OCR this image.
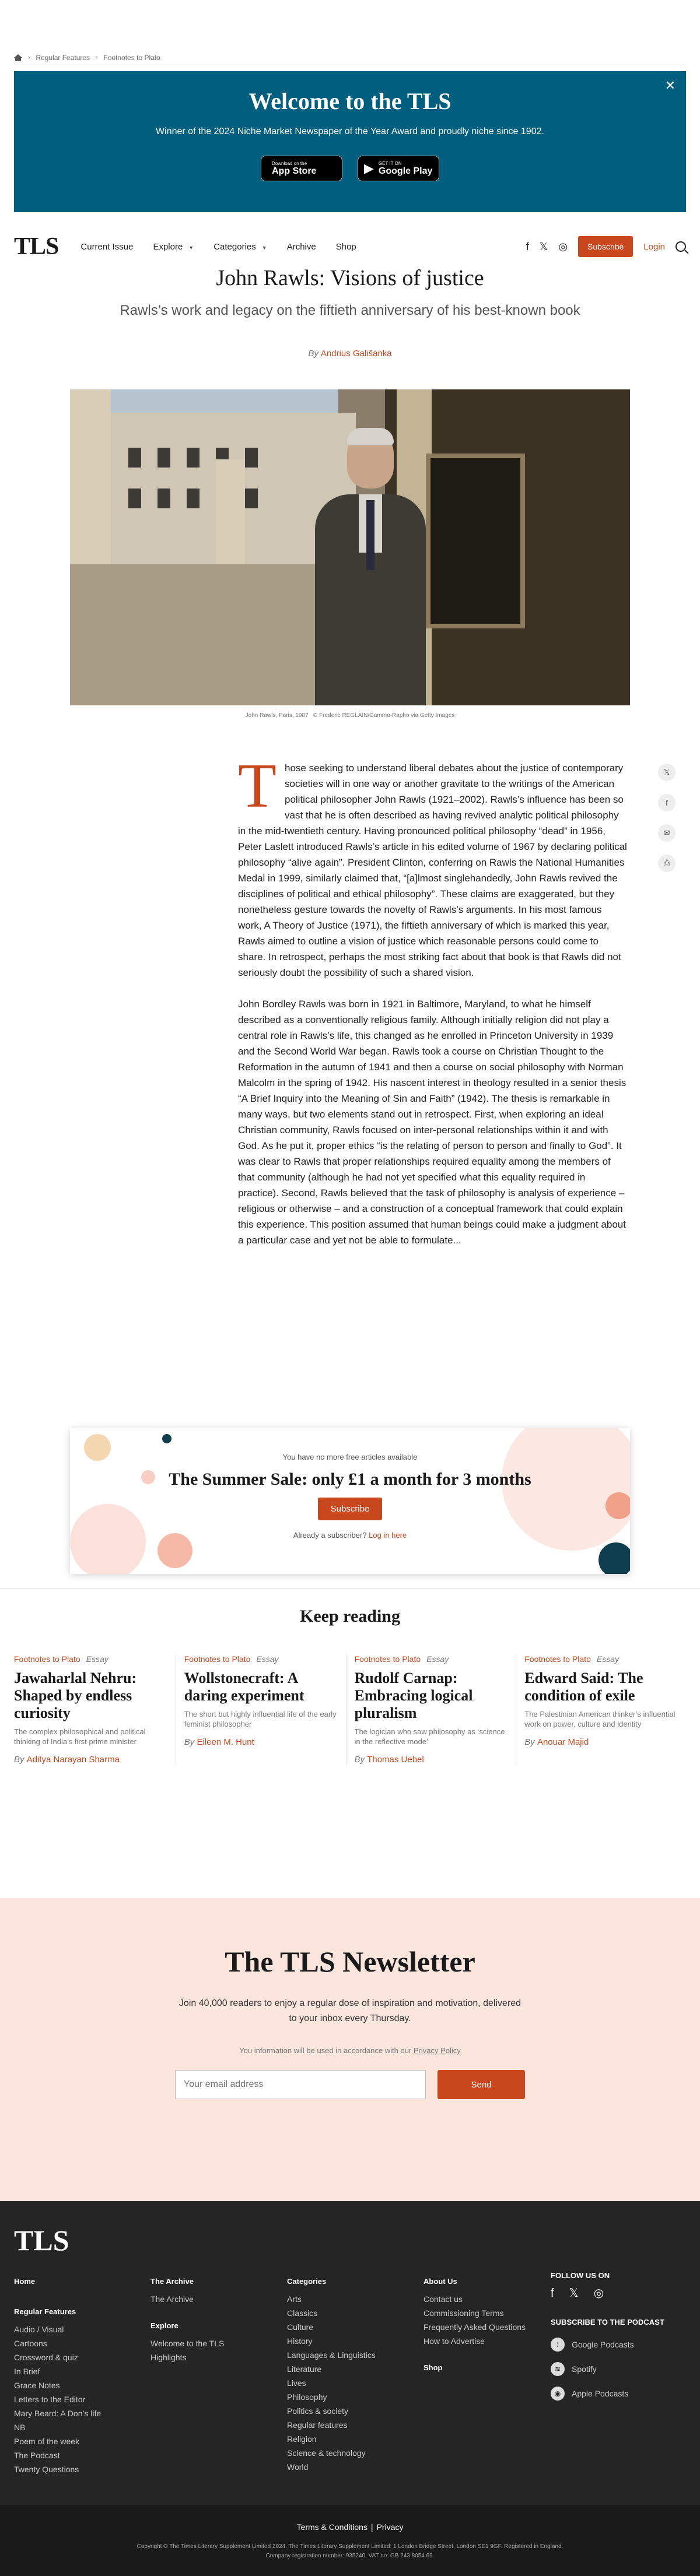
› Regular Features › Footnotes to Plato
✕
Welcome to the TLS

Winner of the 2024 Niche Market Newspaper of the Year Award and proudly niche since 1902.

Download on the
App Store	▶ GET IT ON
Google Play
TLS	Current Issue Explore ▼ Categories ▼ Archive Shop	f 𝕏 ◎	Subscribe	Login
John Rawls: Visions of justice
Rawls’s work and legacy on the fiftieth anniversary of his best-known book
By Andrius Gališanka
John Rawls, Paris, 1987 © Frederic REGLAIN/Gamma-Rapho via Getty Images
𝕏
f
✉
⎙

Those seeking to understand liberal debates about the justice of contemporary societies will in one way or another gravitate to the writings of the American political philosopher John Rawls (1921–2002). Rawls’s influence has been so vast that he is often described as having revived analytic political philosophy in the mid-twentieth century. Having pronounced political philosophy “dead” in 1956, Peter Laslett introduced Rawls’s article in his edited volume of 1967 by declaring political philosophy “alive again”. President Clinton, conferring on Rawls the National Humanities Medal in 1999, similarly claimed that, “[a]lmost singlehandedly, John Rawls revived the disciplines of political and ethical philosophy”. These claims are exaggerated, but they nonetheless gesture towards the novelty of Rawls’s arguments. In his most famous work, A Theory of Justice (1971), the fiftieth anniversary of which is marked this year, Rawls aimed to outline a vision of justice which reasonable persons could come to share. In retrospect, perhaps the most striking fact about that book is that Rawls did not seriously doubt the possibility of such a shared vision.

John Bordley Rawls was born in 1921 in Baltimore, Maryland, to what he himself described as a conventionally religious family. Although initially religion did not play a central role in Rawls’s life, this changed as he enrolled in Princeton University in 1939 and the Second World War began. Rawls took a course on Christian Thought to the Reformation in the autumn of 1941 and then a course on social philosophy with Norman Malcolm in the spring of 1942. His nascent interest in theology resulted in a senior thesis “A Brief Inquiry into the Meaning of Sin and Faith” (1942). The thesis is remarkable in many ways, but two elements stand out in retrospect. First, when exploring an ideal Christian community, Rawls focused on inter-personal relationships within it and with God. As he put it, proper ethics “is the relating of person to person and finally to God”. It was clear to Rawls that proper relationships required equality among the members of that community (although he had not yet specified what this equality required in practice). Second, Rawls believed that the task of philosophy is analysis of experience – religious or otherwise – and a construction of a conceptual framework that could explain this experience. This position assumed that human beings could make a judgment about a particular case and yet not be able to formulate...

You have no more free articles available
The Summer Sale: only £1 a month for 3 months
Subscribe
Already a subscriber? Log in here
Keep reading
Footnotes to Plato Essay
Jawaharlal Nehru: Shaped by endless curiosity
The complex philosophical and political thinking of India’s first prime minister
By Aditya Narayan Sharma
Footnotes to Plato Essay
Wollstonecraft: A daring experiment
The short but highly influential life of the early feminist philosopher
By Eileen M. Hunt
Footnotes to Plato Essay
Rudolf Carnap: Embracing logical pluralism
The logician who saw philosophy as ‘science in the reflective mode’
By Thomas Uebel
Footnotes to Plato Essay
Edward Said: The condition of exile
The Palestinian American thinker’s influential work on power, culture and identity
By Anouar Majid
The TLS Newsletter

Join 40,000 readers to enjoy a regular dose of inspiration and motivation, delivered to your inbox every Thursday.

You information will be used in accordance with our Privacy Policy

Your email address
Send
TLS
Home
Regular Features
Audio / Visual
Cartoons
Crossword & quiz
In Brief
Grace Notes
Letters to the Editor
Mary Beard: A Don’s life
NB
Poem of the week
The Podcast
Twenty Questions
The Archive
The Archive
Explore
Welcome to the TLS
Highlights
Categories
Arts
Classics
Culture
History
Languages & Linguistics
Literature
Lives
Philosophy
Politics & society
Regular features
Religion
Science & technology
World
About Us
Contact us
Commissioning Terms
Frequently Asked Questions
How to Advertise
Shop
FOLLOW US ON
f 𝕏 ◎
SUBSCRIBE TO THE PODCAST
⁞	Google Podcasts
≋	Spotify
◉	Apple Podcasts
Terms & Conditions | Privacy
Copyright © The Times Literary Supplement Limited 2024. The Times Literary Supplement Limited: 1 London Bridge Street, London SE1 9GF. Registered in England.
Company registration number: 935240. VAT no: GB 243 8054 69.
